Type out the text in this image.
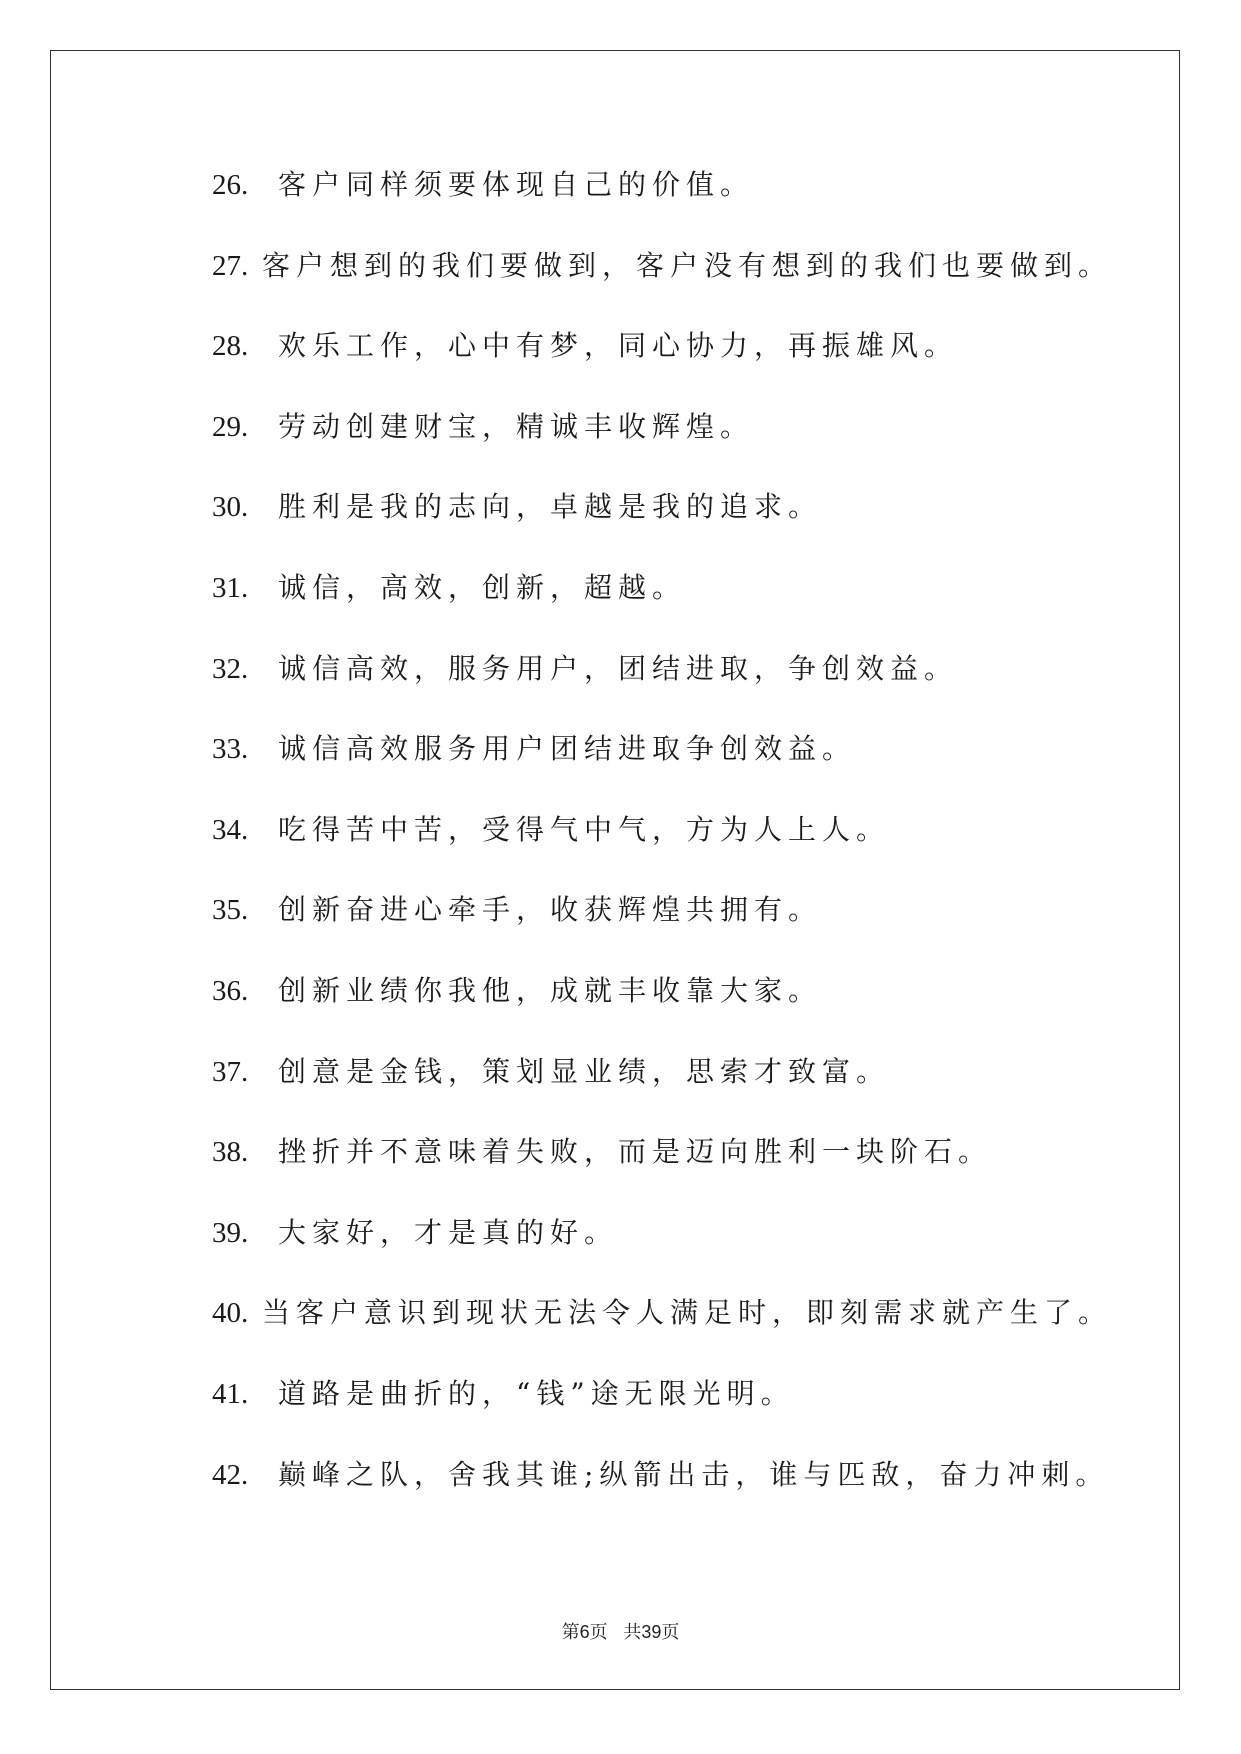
26.	客户同样须要体现自己的价值。
27. 客户想到的我们要做到，客户没有想到的我们也要做到。
28.	欢乐工作，心中有梦，同心协力，再振雄风。
29.	劳动创建财宝，精诚丰收辉煌。
30.	胜利是我的志向，卓越是我的追求。
31.	诚信，高效，创新，超越。
32.	诚信高效，服务用户，团结进取，争创效益。
33.	诚信高效服务用户团结进取争创效益。
34.	吃得苦中苦，受得气中气，方为人上人。
35.	创新奋进心牵手，收获辉煌共拥有。
36.	创新业绩你我他，成就丰收靠大家。
37.	创意是金钱，策划显业绩，思索才致富。
38.	挫折并不意味着失败，而是迈向胜利一块阶石。
39.	大家好，才是真的好。
40. 当客户意识到现状无法令人满足时，即刻需求就产生了。
41.	道路是曲折的，“钱”途无限光明。
42.	巅峰之队，舍我其谁;纵箭出击，谁与匹敌，奋力冲刺。
第6页 共39页
